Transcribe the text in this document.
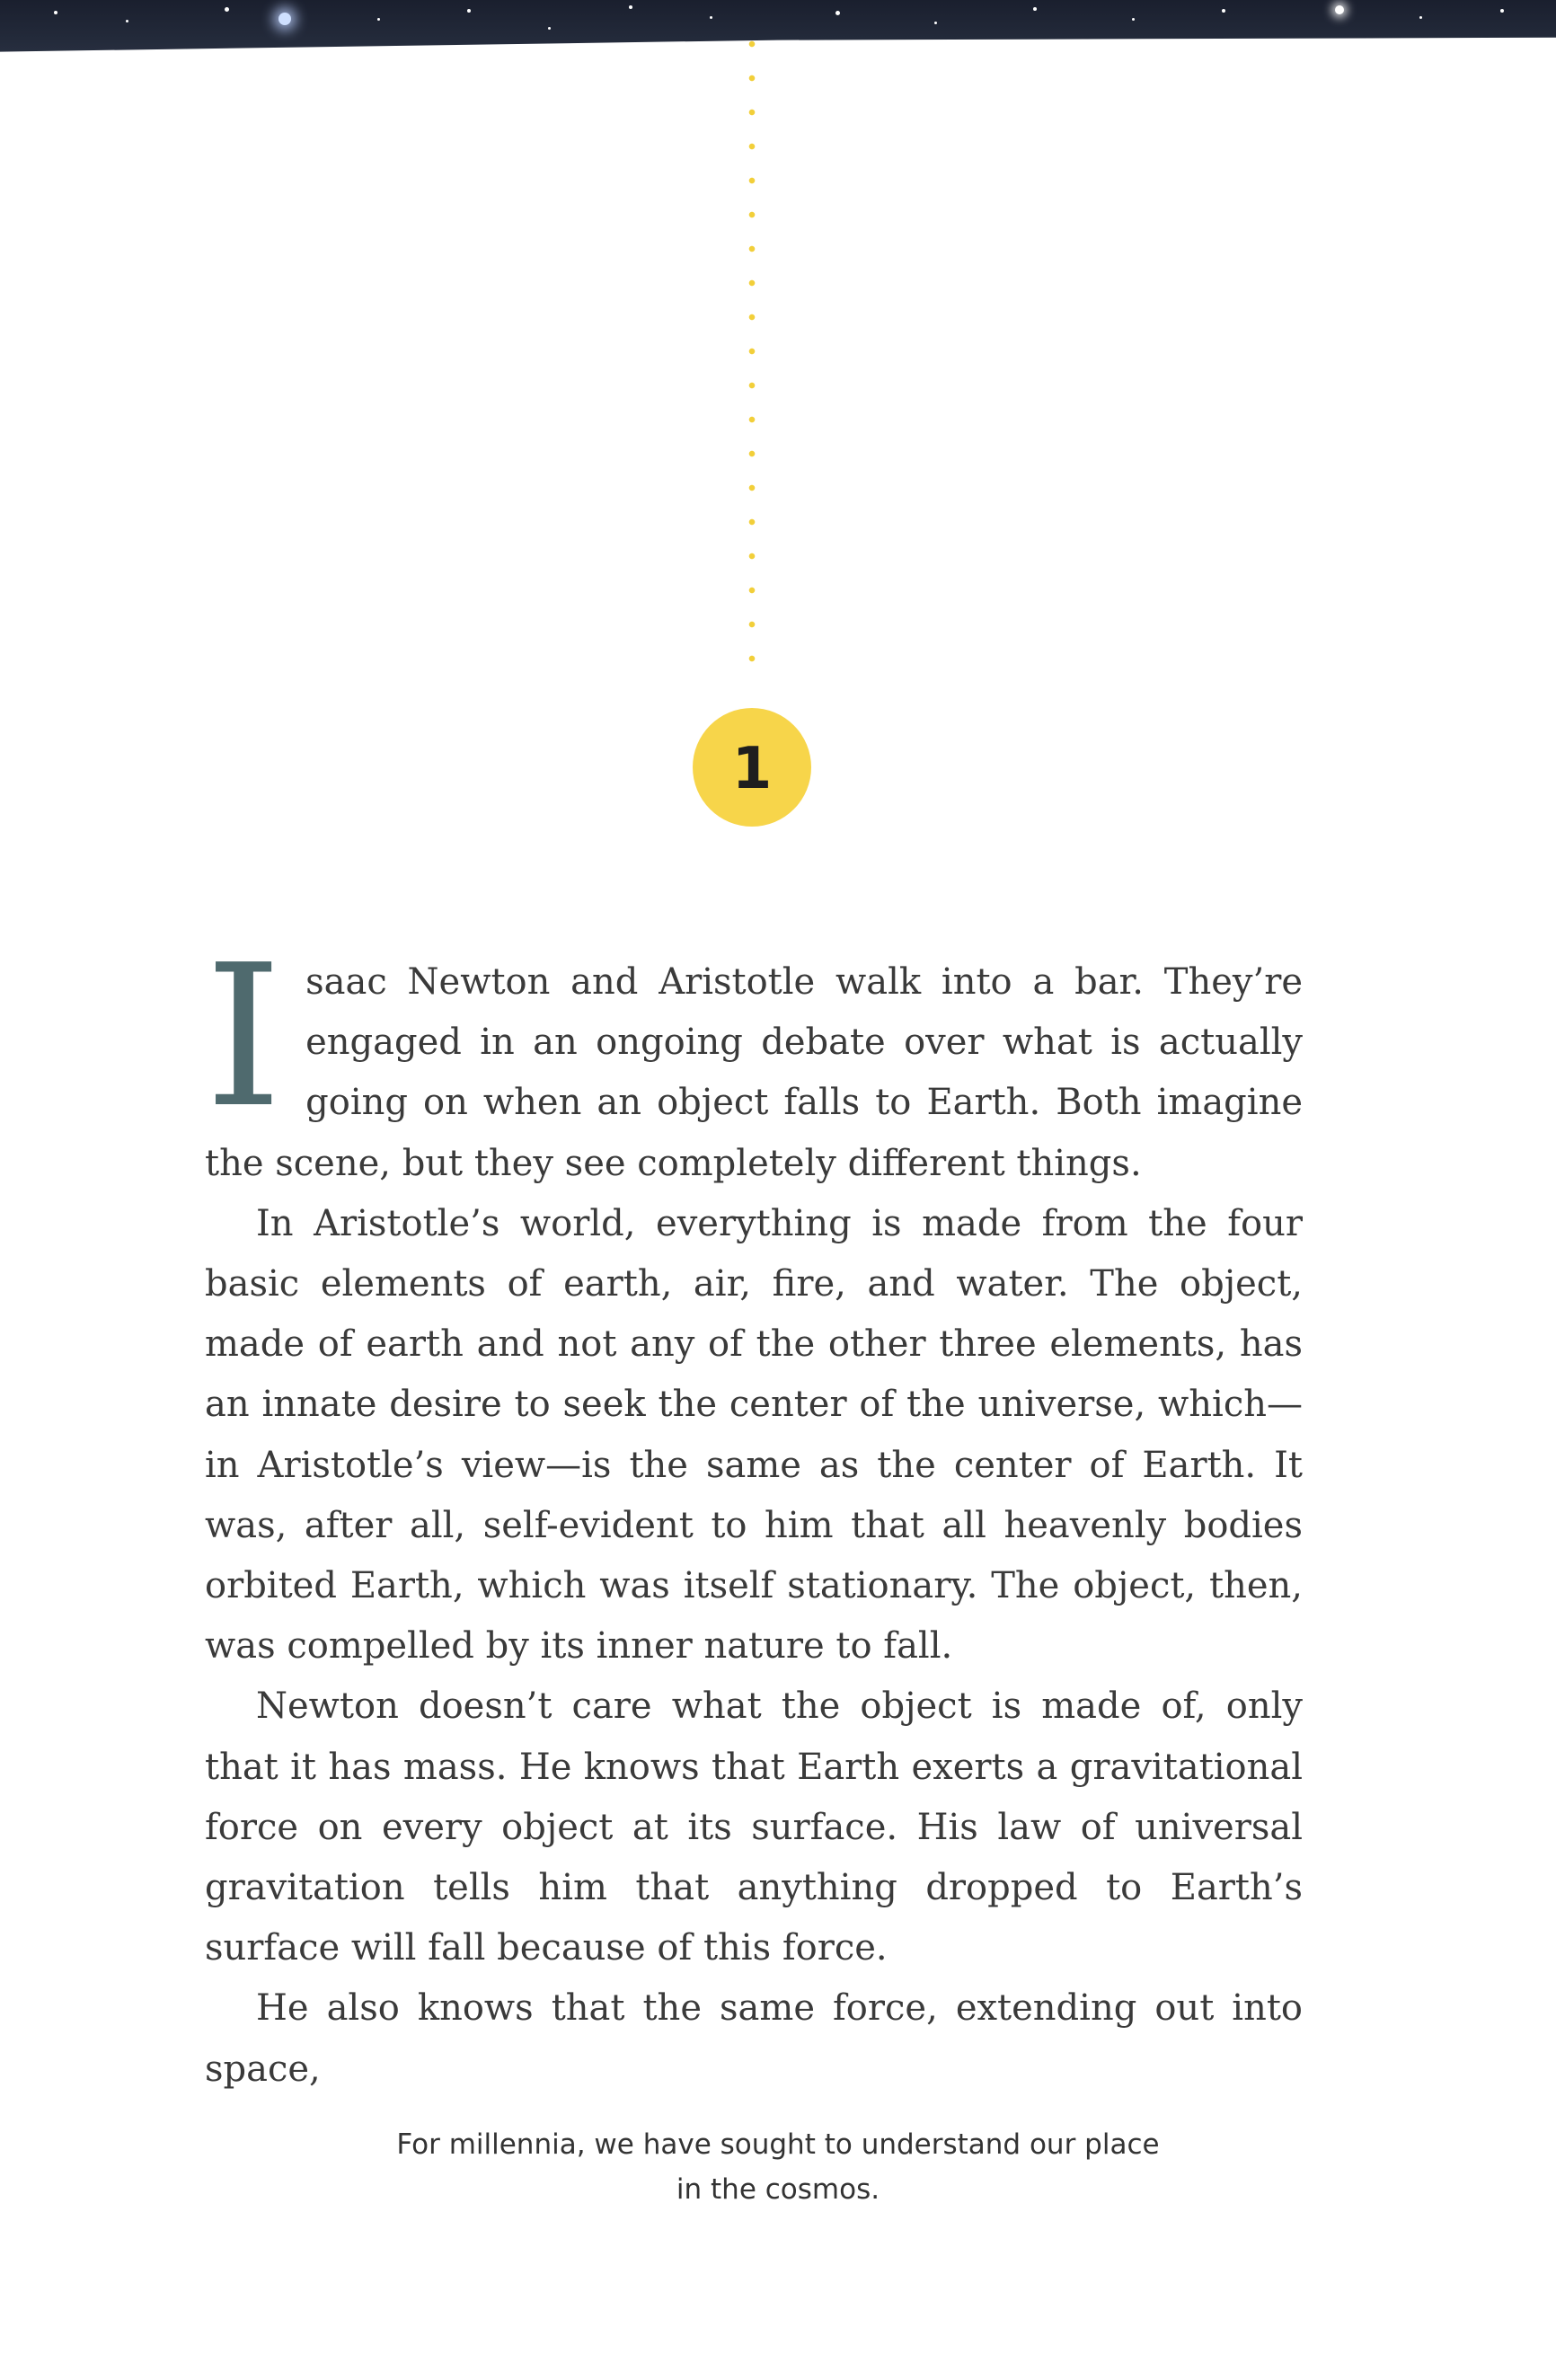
1

Isaac Newton and Aristotle walk into a bar. They’re engaged in an ongoing debate over what is actually going on when an object falls to Earth. Both imagine the scene, but they see completely different things.

In Aristotle’s world, everything is made from the four basic elements of earth, air, fire, and water. The object, made of earth and not any of the other three elements, has an innate desire to seek the center of the universe, which—in Aristotle’s view—is the same as the center of Earth. It was, after all, self-evident to him that all heavenly bodies orbited Earth, which was itself stationary. The object, then, was compelled by its inner nature to fall.

Newton doesn’t care what the object is made of, only that it has mass. He knows that Earth exerts a gravitational force on every object at its surface. His law of universal gravitation tells him that anything dropped to Earth’s surface will fall because of this force.

He also knows that the same force, extending out into space,

For millennia, we have sought to understand our place
in the cosmos.
